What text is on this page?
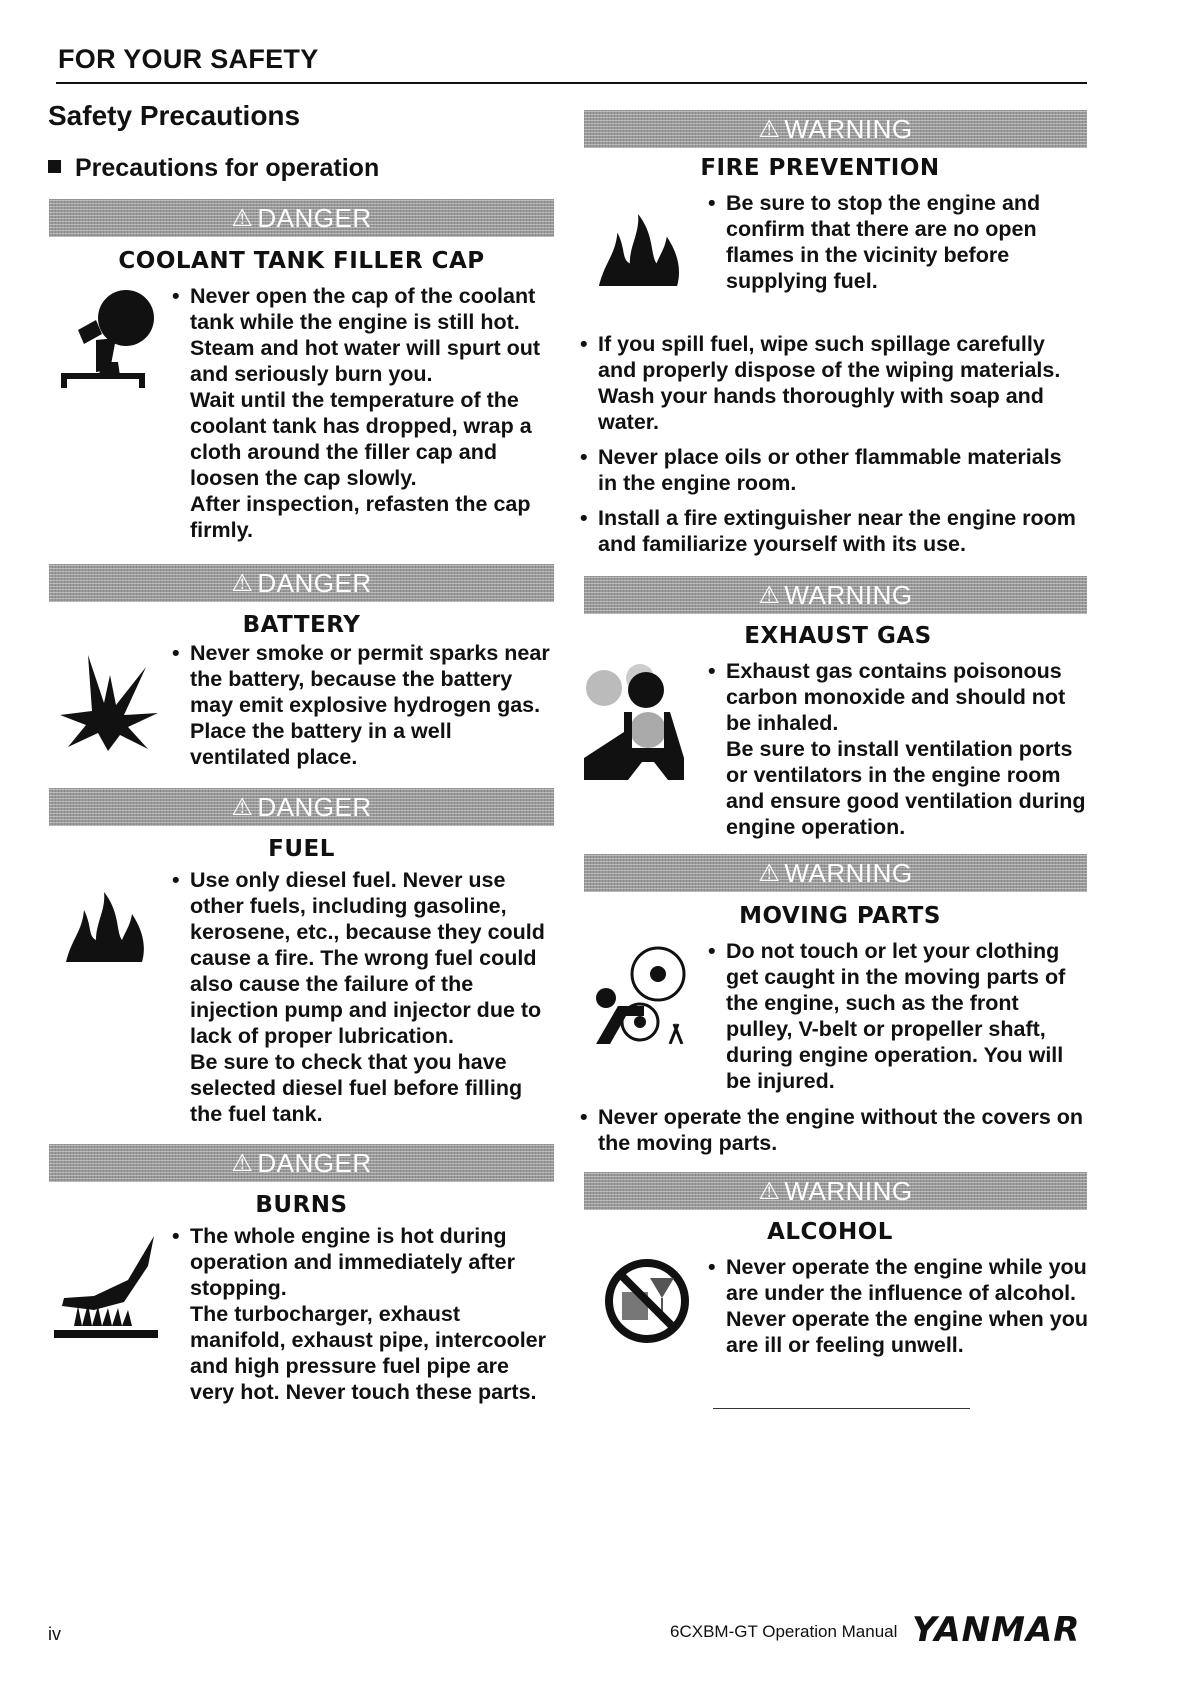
FOR YOUR SAFETY
Safety Precautions
Precautions for operation
⚠ DANGER
COOLANT TANK FILLER CAP
• Never open the cap of the coolant tank while the engine is still hot. Steam and hot water will spurt out and seriously burn you.
Wait until the temperature of the coolant tank has dropped, wrap a cloth around the filler cap and loosen the cap slowly.
After inspection, refasten the cap firmly.
⚠ DANGER
BATTERY
• Never smoke or permit sparks near the battery, because the battery may emit explosive hydrogen gas. Place the battery in a well ventilated place.
⚠ DANGER
FUEL
• Use only diesel fuel. Never use other fuels, including gasoline, kerosene, etc., because they could cause a fire. The wrong fuel could also cause the failure of the injection pump and injector due to lack of proper lubrication.
Be sure to check that you have selected diesel fuel before filling the fuel tank.
⚠ DANGER
BURNS
• The whole engine is hot during operation and immediately after stopping.
The turbocharger, exhaust manifold, exhaust pipe, intercooler and high pressure fuel pipe are very hot. Never touch these parts.
⚠ WARNING
FIRE PREVENTION
• Be sure to stop the engine and confirm that there are no open flames in the vicinity before supplying fuel.
• If you spill fuel, wipe such spillage carefully and properly dispose of the wiping materials. Wash your hands thoroughly with soap and water.
• Never place oils or other flammable materials in the engine room.
• Install a fire extinguisher near the engine room and familiarize yourself with its use.
⚠ WARNING
EXHAUST GAS
• Exhaust gas contains poisonous carbon monoxide and should not be inhaled.
Be sure to install ventilation ports or ventilators in the engine room and ensure good ventilation during engine operation.
⚠ WARNING
MOVING PARTS
• Do not touch or let your clothing get caught in the moving parts of the engine, such as the front pulley, V-belt or propeller shaft, during engine operation. You will be injured.
• Never operate the engine without the covers on the moving parts.
⚠ WARNING
ALCOHOL
• Never operate the engine while you are under the influence of alcohol.
Never operate the engine when you are ill or feeling unwell.
iv	6CXBM-GT Operation Manual YANMAR
